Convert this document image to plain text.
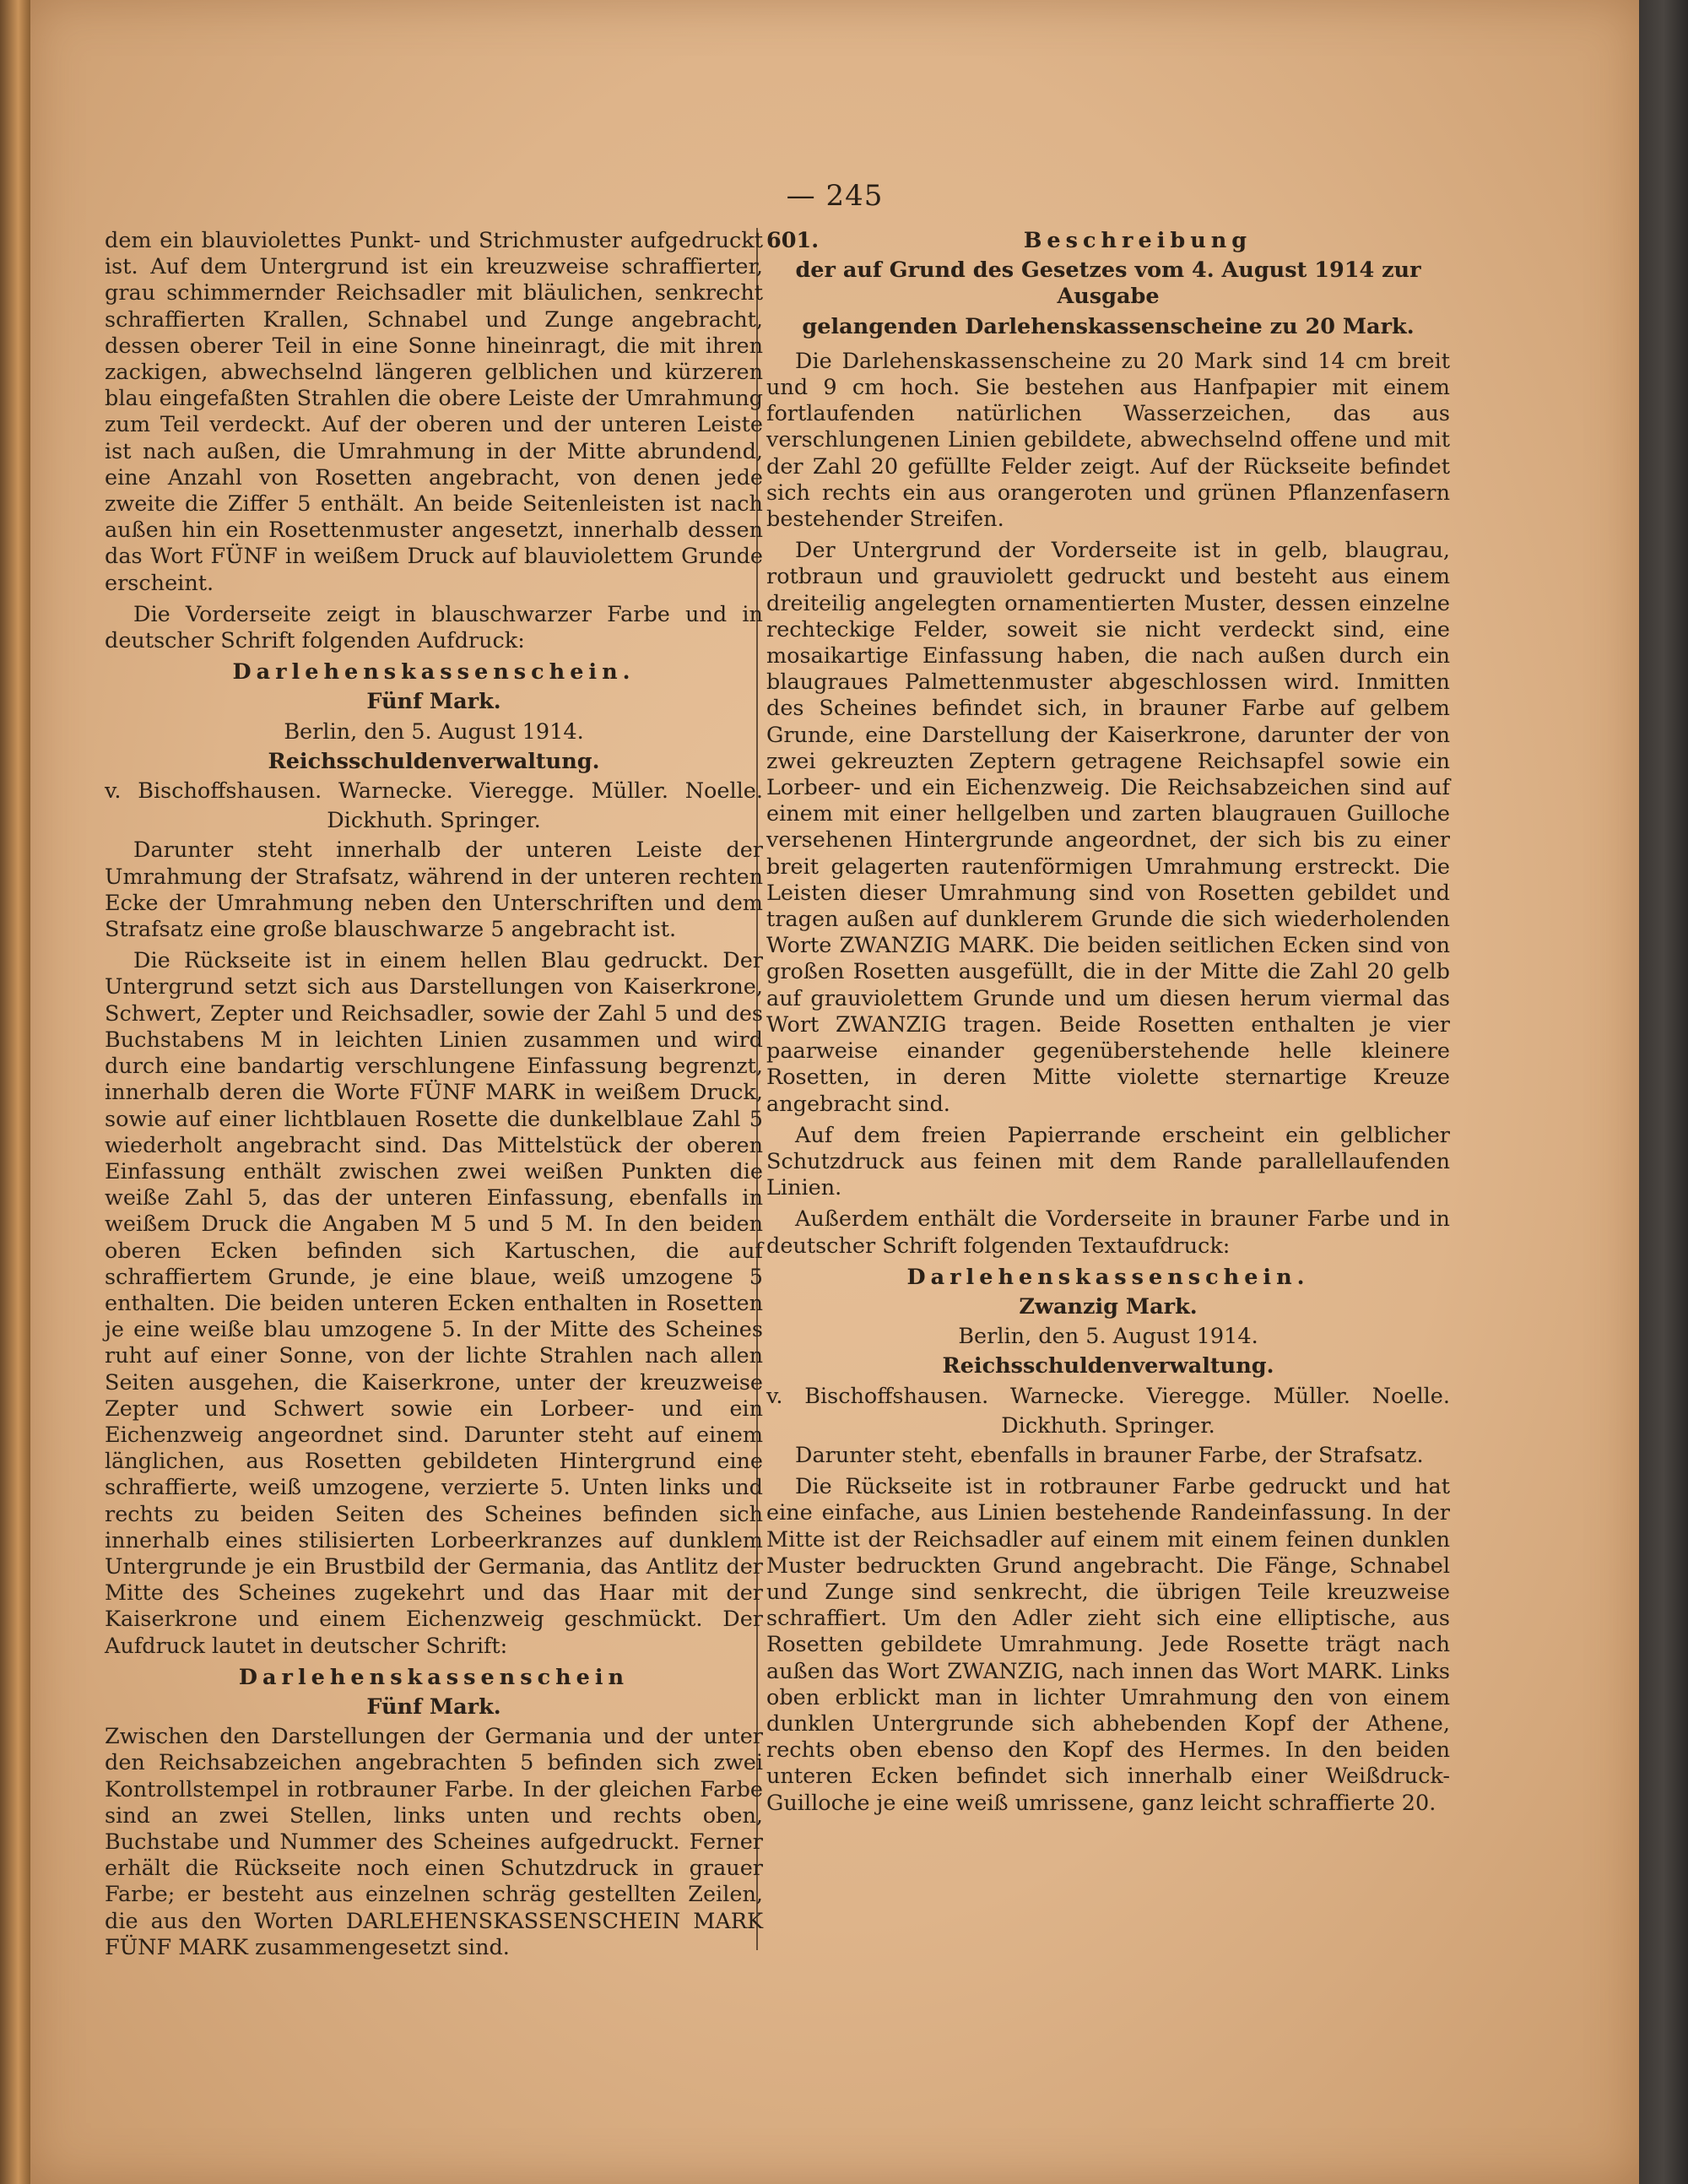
— 245

dem ein blauviolettes Punkt- und Strichmuster aufgedruckt ist. Auf dem Untergrund ist ein kreuzweise schraffierter, grau schimmernder Reichsadler mit bläulichen, senkrecht schraffierten Krallen, Schnabel und Zunge angebracht, dessen oberer Teil in eine Sonne hineinragt, die mit ihren zackigen, abwechselnd längeren gelblichen und kürzeren blau eingefaßten Strahlen die obere Leiste der Umrahmung zum Teil verdeckt. Auf der oberen und der unteren Leiste ist nach außen, die Umrahmung in der Mitte abrundend, eine Anzahl von Rosetten angebracht, von denen jede zweite die Ziffer 5 enthält. An beide Seitenleisten ist nach außen hin ein Rosettenmuster angesetzt, innerhalb dessen das Wort FÜNF in weißem Druck auf blauviolettem Grunde erscheint.

Die Vorderseite zeigt in blauschwarzer Farbe und in deutscher Schrift folgenden Aufdruck:

Darlehenskassenschein.
Fünf Mark.
Berlin, den 5. August 1914.
Reichsschuldenverwaltung.
v. Bischoffshausen. Warnecke. Vieregge. Müller. Noelle.
Dickhuth. Springer.

Darunter steht innerhalb der unteren Leiste der Umrahmung der Strafsatz, während in der unteren rechten Ecke der Umrahmung neben den Unterschriften und dem Strafsatz eine große blauschwarze 5 angebracht ist.

Die Rückseite ist in einem hellen Blau gedruckt. Der Untergrund setzt sich aus Darstellungen von Kaiserkrone, Schwert, Zepter und Reichsadler, sowie der Zahl 5 und des Buchstabens M in leichten Linien zusammen und wird durch eine bandartig verschlungene Einfassung begrenzt, innerhalb deren die Worte FÜNF MARK in weißem Druck, sowie auf einer lichtblauen Rosette die dunkelblaue Zahl 5 wiederholt angebracht sind. Das Mittelstück der oberen Einfassung enthält zwischen zwei weißen Punkten die weiße Zahl 5, das der unteren Einfassung, ebenfalls in weißem Druck die Angaben M 5 und 5 M. In den beiden oberen Ecken befinden sich Kartuschen, die auf schraffiertem Grunde, je eine blaue, weiß umzogene 5 enthalten. Die beiden unteren Ecken enthalten in Rosetten je eine weiße blau umzogene 5. In der Mitte des Scheines ruht auf einer Sonne, von der lichte Strahlen nach allen Seiten ausgehen, die Kaiserkrone, unter der kreuzweise Zepter und Schwert sowie ein Lorbeer- und ein Eichenzweig angeordnet sind. Darunter steht auf einem länglichen, aus Rosetten gebildeten Hintergrund eine schraffierte, weiß umzogene, verzierte 5. Unten links und rechts zu beiden Seiten des Scheines befinden sich innerhalb eines stilisierten Lorbeerkranzes auf dunklem Untergrunde je ein Brustbild der Germania, das Antlitz der Mitte des Scheines zugekehrt und das Haar mit der Kaiserkrone und einem Eichenzweig geschmückt. Der Aufdruck lautet in deutscher Schrift:

Darlehenskassenschein
Fünf Mark.

Zwischen den Darstellungen der Germania und der unter den Reichsabzeichen angebrachten 5 befinden sich zwei Kontrollstempel in rotbrauner Farbe. In der gleichen Farbe sind an zwei Stellen, links unten und rechts oben, Buchstabe und Nummer des Scheines aufgedruckt. Ferner erhält die Rückseite noch einen Schutzdruck in grauer Farbe; er besteht aus einzelnen schräg gestellten Zeilen, die aus den Worten DARLEHENSKASSENSCHEIN MARK FÜNF MARK zusammengesetzt sind.

601.	Beschreibung
der auf Grund des Gesetzes vom 4. August 1914 zur Ausgabe
gelangenden Darlehenskassenscheine zu 20 Mark.

Die Darlehenskassenscheine zu 20 Mark sind 14 cm breit und 9 cm hoch. Sie bestehen aus Hanfpapier mit einem fortlaufenden natürlichen Wasserzeichen, das aus verschlungenen Linien gebildete, abwechselnd offene und mit der Zahl 20 gefüllte Felder zeigt. Auf der Rückseite befindet sich rechts ein aus orangeroten und grünen Pflanzenfasern bestehender Streifen.

Der Untergrund der Vorderseite ist in gelb, blaugrau, rotbraun und grauviolett gedruckt und besteht aus einem dreiteilig angelegten ornamentierten Muster, dessen einzelne rechteckige Felder, soweit sie nicht verdeckt sind, eine mosaikartige Einfassung haben, die nach außen durch ein blaugraues Palmettenmuster abgeschlossen wird. Inmitten des Scheines befindet sich, in brauner Farbe auf gelbem Grunde, eine Darstellung der Kaiserkrone, darunter der von zwei gekreuzten Zeptern getragene Reichsapfel sowie ein Lorbeer- und ein Eichenzweig. Die Reichsabzeichen sind auf einem mit einer hellgelben und zarten blaugrauen Guilloche versehenen Hintergrunde angeordnet, der sich bis zu einer breit gelagerten rautenförmigen Umrahmung erstreckt. Die Leisten dieser Umrahmung sind von Rosetten gebildet und tragen außen auf dunklerem Grunde die sich wiederholenden Worte ZWANZIG MARK. Die beiden seitlichen Ecken sind von großen Rosetten ausgefüllt, die in der Mitte die Zahl 20 gelb auf grauviolettem Grunde und um diesen herum viermal das Wort ZWANZIG tragen. Beide Rosetten enthalten je vier paarweise einander gegenüberstehende helle kleinere Rosetten, in deren Mitte violette sternartige Kreuze angebracht sind.

Auf dem freien Papierrande erscheint ein gelblicher Schutzdruck aus feinen mit dem Rande parallellaufenden Linien.

Außerdem enthält die Vorderseite in brauner Farbe und in deutscher Schrift folgenden Textaufdruck:

Darlehenskassenschein.
Zwanzig Mark.
Berlin, den 5. August 1914.
Reichsschuldenverwaltung.
v. Bischoffshausen. Warnecke. Vieregge. Müller. Noelle.
Dickhuth. Springer.

Darunter steht, ebenfalls in brauner Farbe, der Strafsatz.

Die Rückseite ist in rotbrauner Farbe gedruckt und hat eine einfache, aus Linien bestehende Randeinfassung. In der Mitte ist der Reichsadler auf einem mit einem feinen dunklen Muster bedruckten Grund angebracht. Die Fänge, Schnabel und Zunge sind senkrecht, die übrigen Teile kreuzweise schraffiert. Um den Adler zieht sich eine elliptische, aus Rosetten gebildete Umrahmung. Jede Rosette trägt nach außen das Wort ZWANZIG, nach innen das Wort MARK. Links oben erblickt man in lichter Umrahmung den von einem dunklen Untergrunde sich abhebenden Kopf der Athene, rechts oben ebenso den Kopf des Hermes. In den beiden unteren Ecken befindet sich innerhalb einer Weißdruck-Guilloche je eine weiß umrissene, ganz leicht schraffierte 20.
